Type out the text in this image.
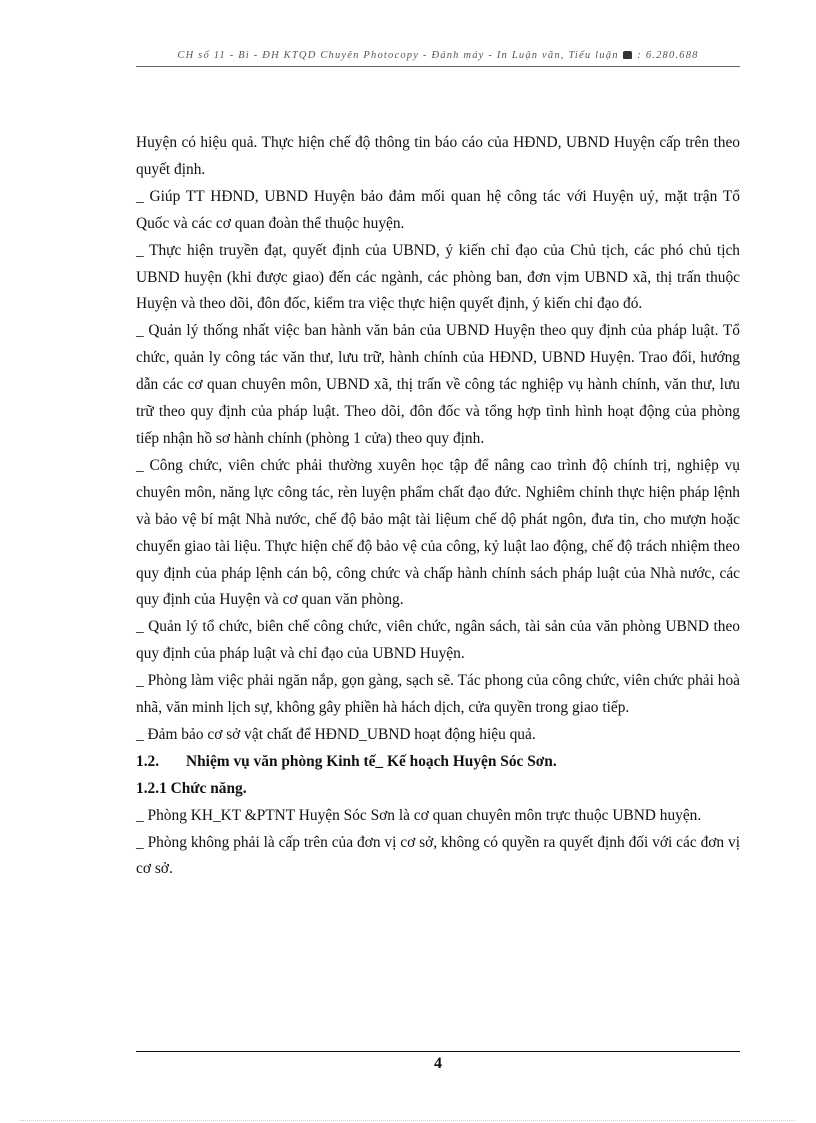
CH số 11 - Bì - ĐH KTQD Chuyên Photocopy - Đánh máy - In Luận văn, Tiểu luận : 6.280.688

Huyện có hiệu quả. Thực hiện chế độ thông tin báo cáo của HĐND, UBND Huyện cấp trên theo quyết định.

_ Giúp TT HĐND, UBND Huyện bảo đảm mối quan hệ công tác với Huyện uỷ, mặt trận Tổ Quốc và các cơ quan đoàn thể thuộc huyện.

_ Thực hiện truyền đạt, quyết định của UBND, ý kiến chỉ đạo của Chủ tịch, các phó chủ tịch UBND huyện (khi được giao) đến các ngành, các phòng ban, đơn vịm UBND xã, thị trấn thuộc Huyện và theo dõi, đôn đốc, kiểm tra việc thực hiện quyết định, ý kiến chỉ đạo đó.

_ Quản lý thống nhất việc ban hành văn bản của UBND Huyện theo quy định của pháp luật. Tổ chức, quản ly công tác văn thư, lưu trữ, hành chính của HĐND, UBND Huyện. Trao đổi, hướng dẫn các cơ quan chuyên môn, UBND xã, thị trấn về công tác nghiệp vụ hành chính, văn thư, lưu trữ theo quy định của pháp luật. Theo dõi, đôn đốc và tổng hợp tình hình hoạt động của phòng tiếp nhận hồ sơ hành chính (phòng 1 cửa) theo quy định.

_ Công chức, viên chức phải thường xuyên học tập để nâng cao trình độ chính trị, nghiệp vụ chuyên môn, năng lực công tác, rèn luyện phẩm chất đạo đức. Nghiêm chỉnh thực hiện pháp lệnh và bảo vệ bí mật Nhà nước, chế độ bảo mật tài liệum chế dộ phát ngôn, đưa tin, cho mượn hoặc chuyển giao tài liệu. Thực hiện chế độ bảo vệ của công, kỷ luật lao động, chế độ trách nhiệm theo quy định của pháp lệnh cán bộ, công chức và chấp hành chính sách pháp luật của Nhà nước, các quy định của Huyện và cơ quan văn phòng.

_ Quản lý tổ chức, biên chế công chức, viên chức, ngân sách, tài sản của văn phòng UBND theo quy định của pháp luật và chỉ đạo của UBND Huyện.

_ Phòng làm việc phải ngăn nắp, gọn gàng, sạch sẽ. Tác phong của công chức, viên chức phải hoà nhã, văn minh lịch sự, không gây phiền hà hách dịch, cửa quyền trong giao tiếp.

_ Đảm bảo cơ sở vật chất để HĐND_UBND hoạt động hiệu quả.

1.2. Nhiệm vụ văn phòng Kinh tế_ Kế hoạch Huyện Sóc Sơn.

1.2.1 Chức năng.

_ Phòng KH_KT &PTNT Huyện Sóc Sơn là cơ quan chuyên môn trực thuộc UBND huyện.

_ Phòng không phải là cấp trên của đơn vị cơ sở, không có quyền ra quyết định đối với các đơn vị cơ sở.

4
